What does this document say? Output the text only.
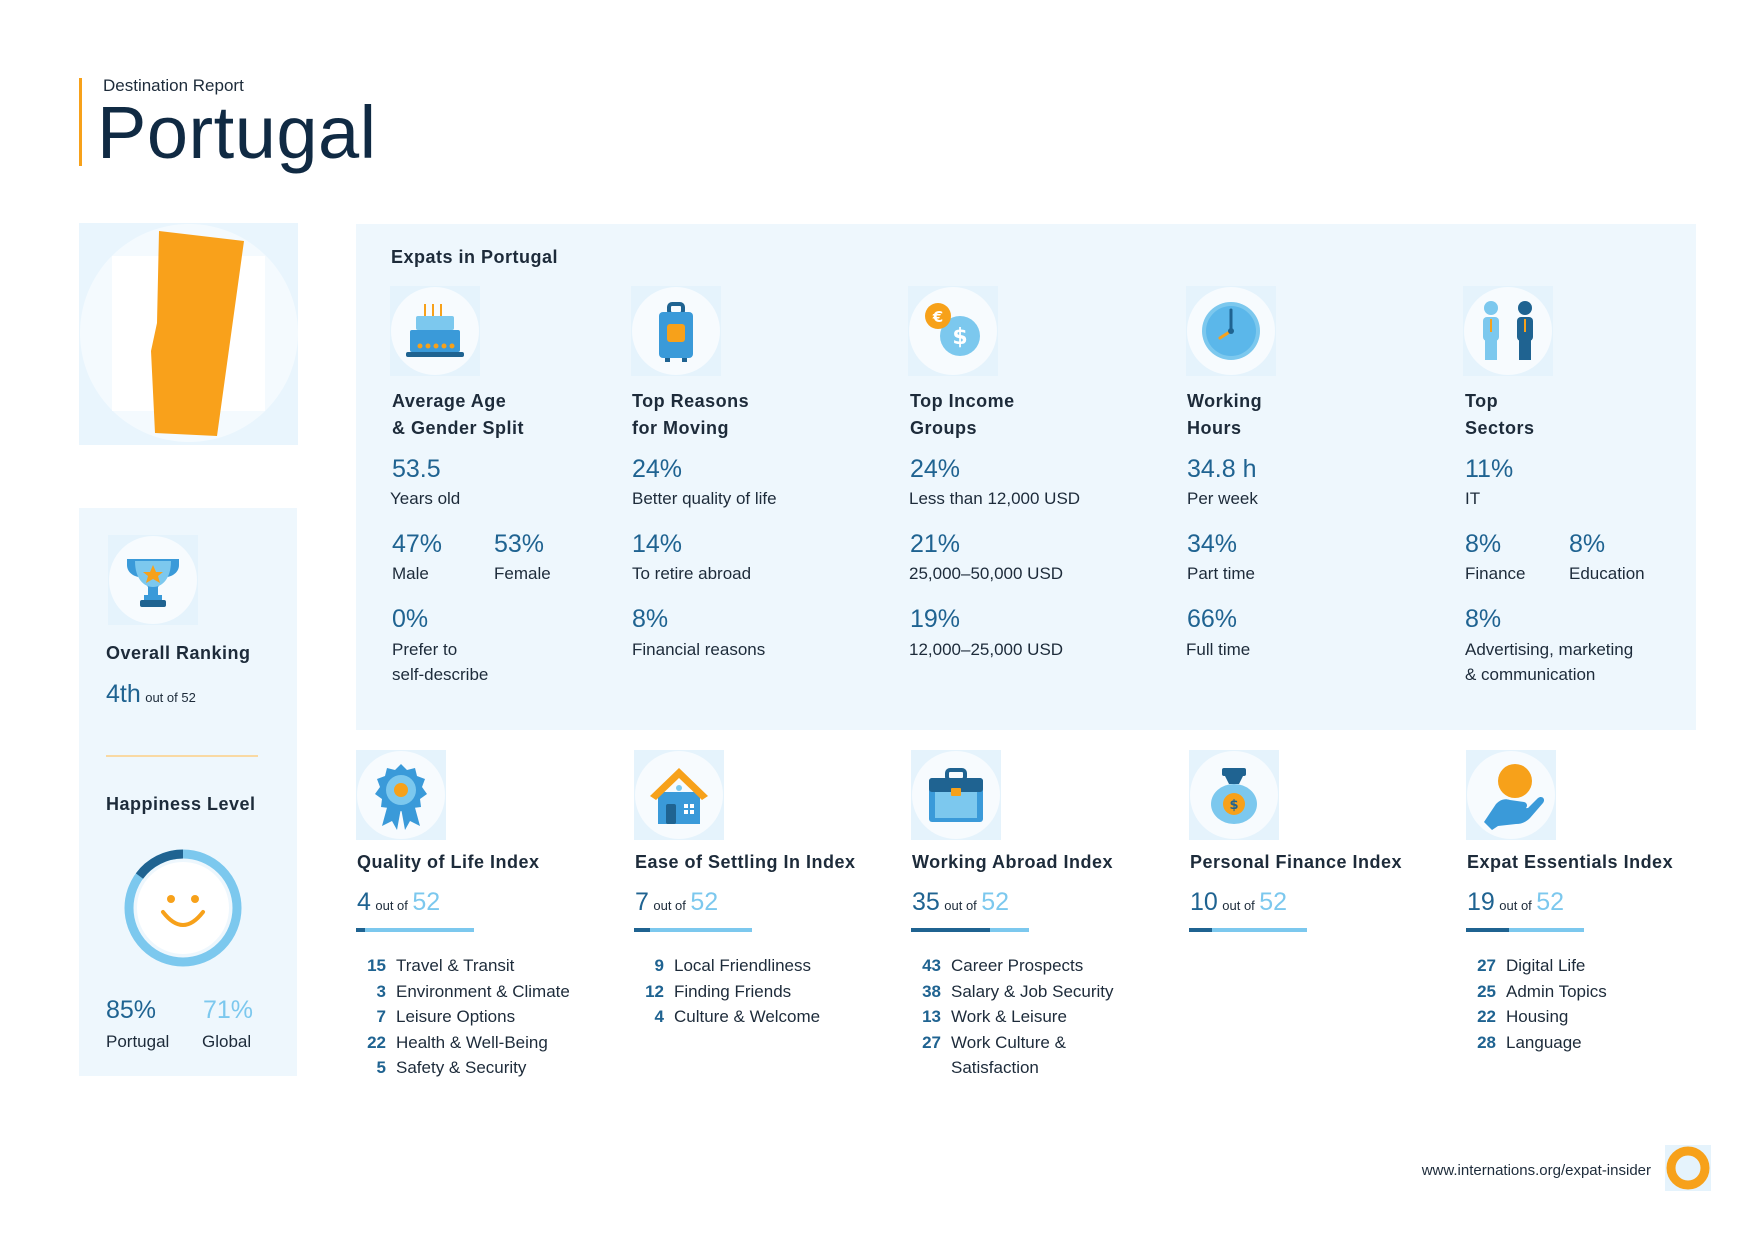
Destination Report
Portugal
Overall Ranking
4th out of 52
Happiness Level
85%
Portugal
71%
Global
Expats in Portugal
Average Age
& Gender Split
53.5
Years old
47%
Male
53%
Female
0%
Prefer to
self-describe
Top Reasons
for Moving
24%
Better quality of life
14%
To retire abroad
8%
Financial reasons
$
€
Top Income
Groups
24%
Less than 12,000 USD
21%
25,000–50,000 USD
19%
12,000–25,000 USD
Working
Hours
34.8 h
Per week
34%
Part time
66%
Full time
Top
Sectors
11%
IT
8%
Finance
8%
Education
8%
Advertising, marketing
& communication
Quality of Life Index
4 out of 52
15 Travel & Transit
3 Environment & Climate
7 Leisure Options
22 Health & Well-Being
5 Safety & Security
Ease of Settling In Index
7 out of 52
9 Local Friendliness
12 Finding Friends
4 Culture & Welcome
Working Abroad Index
35 out of 52
43 Career Prospects
38 Salary & Job Security
13 Work & Leisure
27 Work Culture &
Satisfaction
$
Personal Finance Index
10 out of 52
Expat Essentials Index
19 out of 52
27 Digital Life
25 Admin Topics
22 Housing
28 Language
www.internations.org/expat-insider
